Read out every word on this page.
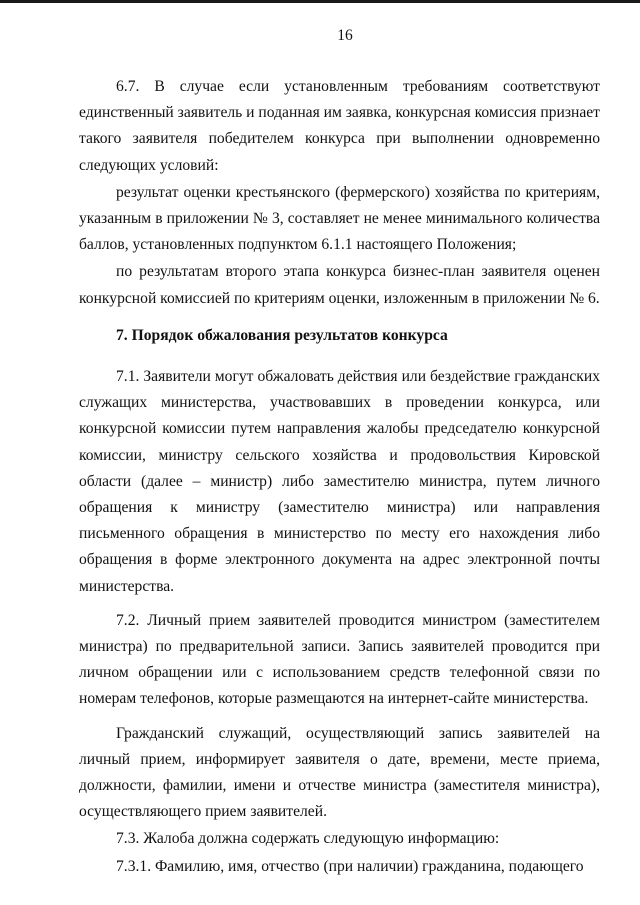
16

6.7. В случае если установленным требованиям соответствуют единственный заявитель и поданная им заявка, конкурсная комиссия признает такого заявителя победителем конкурса при выполнении одновременно следующих условий:

результат оценки крестьянского (фермерского) хозяйства по критериям, указанным в приложении № 3, составляет не менее минимального количества баллов, установленных подпунктом 6.1.1 настоящего Положения;

по результатам второго этапа конкурса бизнес-план заявителя оценен конкурсной комиссией по критериям оценки, изложенным в приложении № 6.

7. Порядок обжалования результатов конкурса

7.1. Заявители могут обжаловать действия или бездействие гражданских служащих министерства, участвовавших в проведении конкурса, или конкурсной комиссии путем направления жалобы председателю конкурсной комиссии, министру сельского хозяйства и продовольствия Кировской области (далее – министр) либо заместителю министра, путем личного обращения к министру (заместителю министра) или направления письменного обращения в министерство по месту его нахождения либо обращения в форме электронного документа на адрес электронной почты министерства.

7.2. Личный прием заявителей проводится министром (заместителем министра) по предварительной записи. Запись заявителей проводится при личном обращении или с использованием средств телефонной связи по номерам телефонов, которые размещаются на интернет-сайте министерства.

Гражданский служащий, осуществляющий запись заявителей на личный прием, информирует заявителя о дате, времени, месте приема, должности, фамилии, имени и отчестве министра (заместителя министра), осуществляющего прием заявителей.

7.3. Жалоба должна содержать следующую информацию:

7.3.1. Фамилию, имя, отчество (при наличии) гражданина, подающего
